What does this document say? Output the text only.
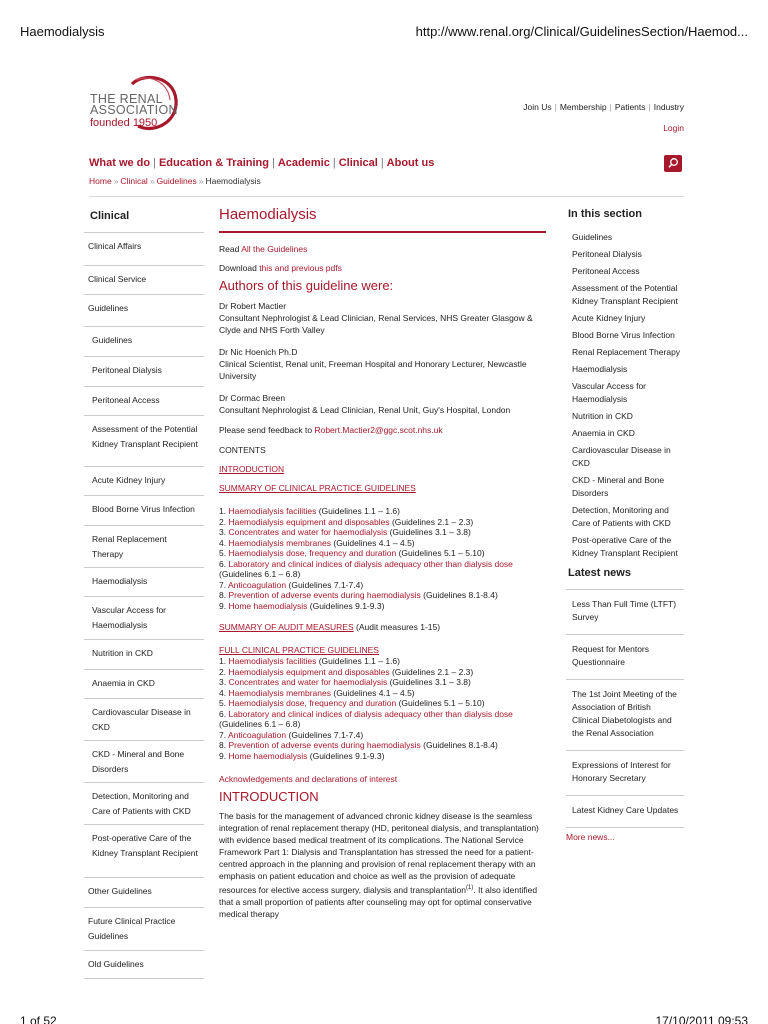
Haemodialysis	http://www.renal.org/Clinical/GuidelinesSection/Haemod...
THE RENAL
ASSOCIATION
founded 1950
Join Us | Membership | Patients | Industry
Login
What we do | Education & Training | Academic | Clinical | About us
Home » Clinical » Guidelines » Haemodialysis
Clinical
Clinical Affairs
Clinical Service
Guidelines
Guidelines
Peritoneal Dialysis
Peritoneal Access
Assessment of the Potential Kidney Transplant Recipient
Acute Kidney Injury
Blood Borne Virus Infection
Renal Replacement Therapy
Haemodialysis
Vascular Access for Haemodialysis
Nutrition in CKD
Anaemia in CKD
Cardiovascular Disease in CKD
CKD - Mineral and Bone Disorders
Detection, Monitoring and Care of Patients with CKD
Post-operative Care of the Kidney Transplant Recipient
Other Guidelines
Future Clinical Practice Guidelines
Old Guidelines
Haemodialysis

Read All the Guidelines

Download this and previous pdfs

Authors of this guideline were:

Dr Robert Mactier

Consultant Nephrologist & Lead Clinician, Renal Services, NHS Greater Glasgow & Clyde and NHS Forth Valley

Dr Nic Hoenich Ph.D

Clinical Scientist, Renal unit, Freeman Hospital and Honorary Lecturer, Newcastle University

Dr Cormac Breen

Consultant Nephrologist & Lead Clinician, Renal Unit, Guy's Hospital, London

Please send feedback to Robert.Mactier2@ggc.scot.nhs.uk

CONTENTS

INTRODUCTION

SUMMARY OF CLINICAL PRACTICE GUIDELINES

1. Haemodialysis facilities (Guidelines 1.1 – 1.6)

2. Haemodialysis equipment and disposables (Guidelines 2.1 – 2.3)

3. Concentrates and water for haemodialysis (Guidelines 3.1 – 3.8)

4. Haemodialysis membranes (Guidelines 4.1 – 4.5)

5. Haemodialysis dose, frequency and duration (Guidelines 5.1 – 5.10)

6. Laboratory and clinical indices of dialysis adequacy other than dialysis dose (Guidelines 6.1 – 6.8)

7. Anticoagulation (Guidelines 7.1-7.4)

8. Prevention of adverse events during haemodialysis (Guidelines 8.1-8.4)

9. Home haemodialysis (Guidelines 9.1-9.3)

SUMMARY OF AUDIT MEASURES (Audit measures 1-15)

FULL CLINICAL PRACTICE GUIDELINES

1. Haemodialysis facilities (Guidelines 1.1 – 1.6)

2. Haemodialysis equipment and disposables (Guidelines 2.1 – 2.3)

3. Concentrates and water for haemodialysis (Guidelines 3.1 – 3.8)

4. Haemodialysis membranes (Guidelines 4.1 – 4.5)

5. Haemodialysis dose, frequency and duration (Guidelines 5.1 – 5.10)

6. Laboratory and clinical indices of dialysis adequacy other than dialysis dose (Guidelines 6.1 – 6.8)

7. Anticoagulation (Guidelines 7.1-7.4)

8. Prevention of adverse events during haemodialysis (Guidelines 8.1-8.4)

9. Home haemodialysis (Guidelines 9.1-9.3)

Acknowledgements and declarations of interest

INTRODUCTION

The basis for the management of advanced chronic kidney disease is the seamless integration of renal replacement therapy (HD, peritoneal dialysis, and transplantation) with evidence based medical treatment of its complications. The National Service Framework Part 1: Dialysis and Transplantation has stressed the need for a patient-centred approach in the planning and provision of renal replacement therapy with an emphasis on patient education and choice as well as the provision of adequate resources for elective access surgery, dialysis and transplantation$^{(1)}$. It also identified that a small proportion of patients after counseling may opt for optimal conservative medical therapy

In this section
Guidelines
Peritoneal Dialysis
Peritoneal Access
Assessment of the Potential Kidney Transplant Recipient
Acute Kidney Injury
Blood Borne Virus Infection
Renal Replacement Therapy
Haemodialysis
Vascular Access for Haemodialysis
Nutrition in CKD
Anaemia in CKD
Cardiovascular Disease in CKD
CKD - Mineral and Bone Disorders
Detection, Monitoring and Care of Patients with CKD
Post-operative Care of the Kidney Transplant Recipient
Latest news
Less Than Full Time (LTFT) Survey
Request for Mentors Questionnaire
The 1st Joint Meeting of the Association of British Clinical Diabetologists and the Renal Association
Expressions of Interest for Honorary Secretary
Latest Kidney Care Updates
More news...
1 of 52	17/10/2011 09:53
